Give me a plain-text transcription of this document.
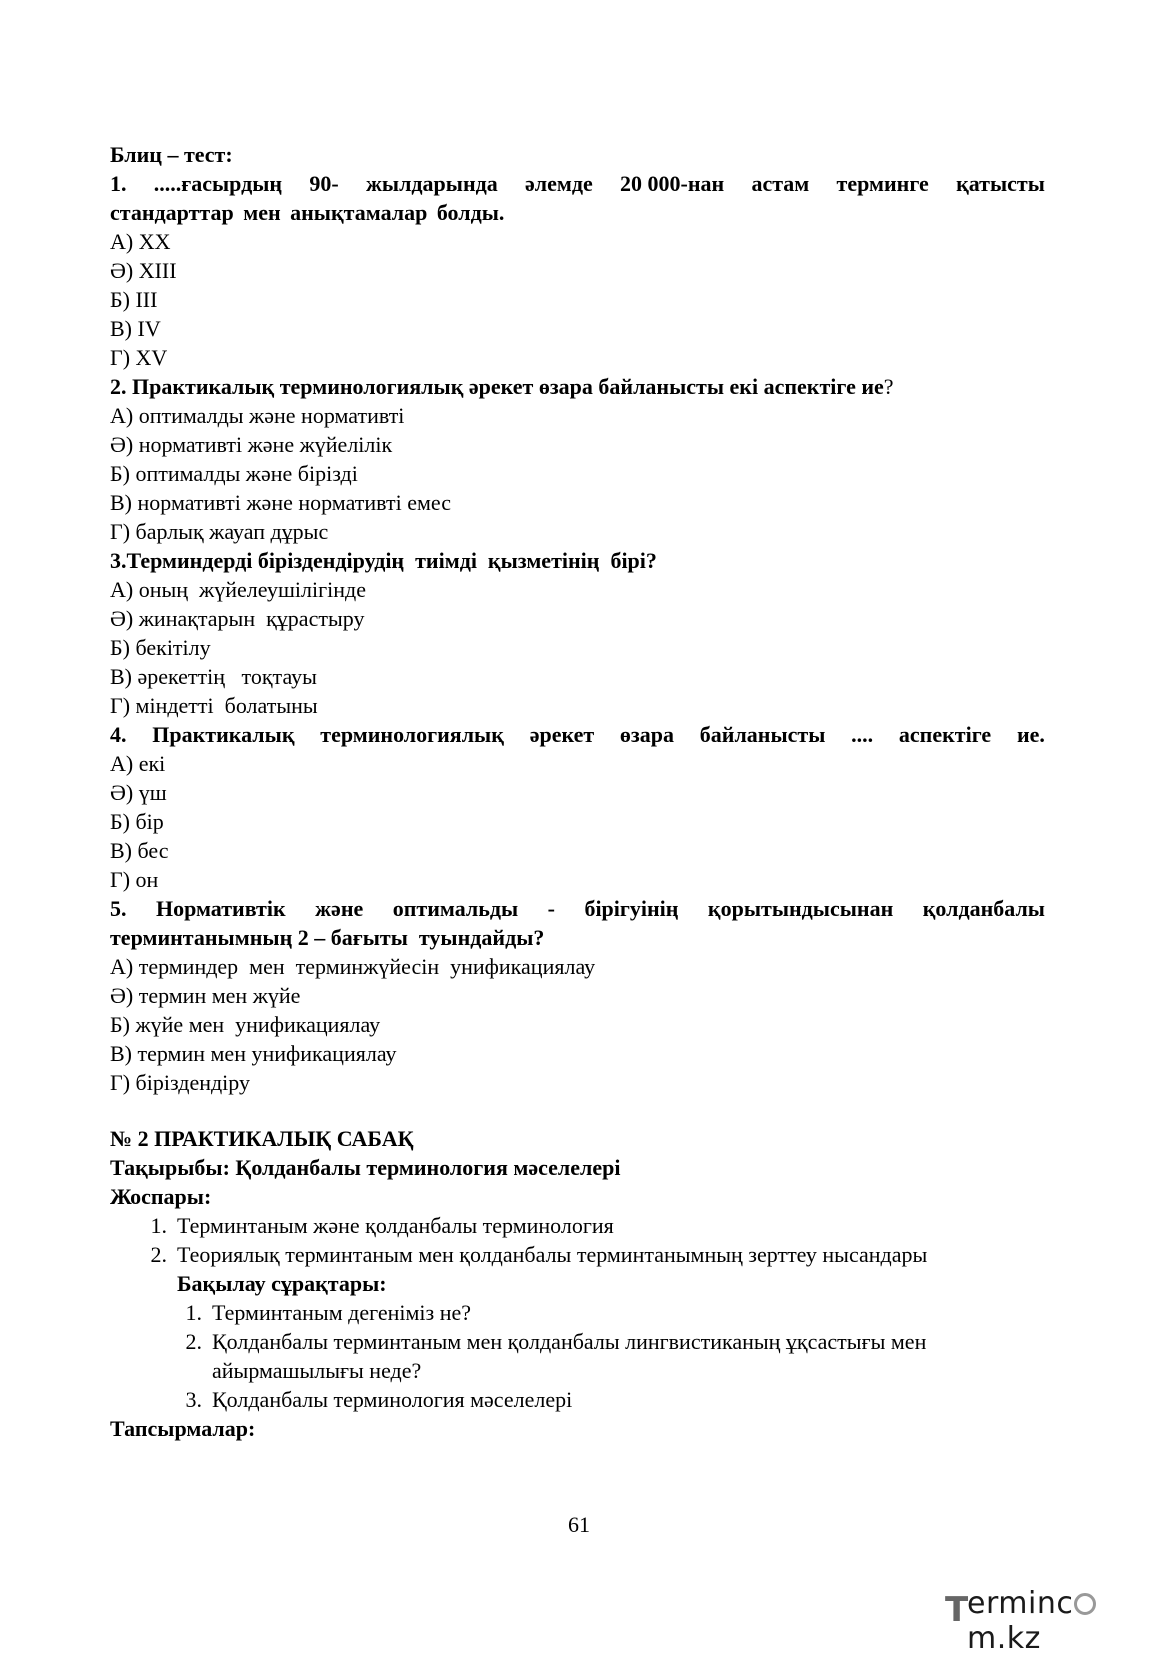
Блиц – тест:
1. .....ғасырдың 90- жылдарында әлемде 20 000-нан астам терминге қатысты
стандарттар мен анықтамалар болды.
А) ХХ
Ә) ХІІІ
Б) ІІІ
В) IV
Г) ХV
2. Практикалық терминологиялық әрекет өзара байланысты екі аспектіге ие?
А) оптималды және нормативті
Ә) нормативті және жүйелілік
Б) оптималды және бірізді
В) нормативті және нормативті емес
Г) барлық жауап дұрыс
3.Терминдерді біріздендірудің  тиімді  қызметінің  бірі?
А) оның  жүйелеушілігінде
Ә) жинақтарын  құрастыру
Б) бекітілу
В) әрекеттің   тоқтауы
Г) міндетті  болатыны
4. Практикалық терминологиялық әрекет өзара байланысты .... аспектіге ие.
А) екі
Ә) үш
Б) бір
В) бес
Г) он
5. Нормативтік және оптимальды - бірігуінің қорытындысынан қолданбалы
терминтанымның 2 – бағыты  туындайды?
А) терминдер  мен  терминжүйесін  унификациялау
Ә) термин мен жүйе
Б) жүйе мен  унификациялау
В) термин мен унификациялау
Г) біріздендіру
№ 2 ПРАКТИКАЛЫҚ САБАҚ
Тақырыбы: Қолданбалы терминология мәселелері
Жоспары:
1. Терминтаным және қолданбалы терминология
2. Теориялық терминтаным мен қолданбалы терминтанымның зерттеу нысандары
Бақылау сұрақтары:
1. Терминтаным дегеніміз не?
2. Қолданбалы терминтаным мен қолданбалы лингвистиканың ұқсастығы мен айырмашылығы неде?
3. Қолданбалы терминология мәселелері
Тапсырмалар:
61
T
ermincm.kz
